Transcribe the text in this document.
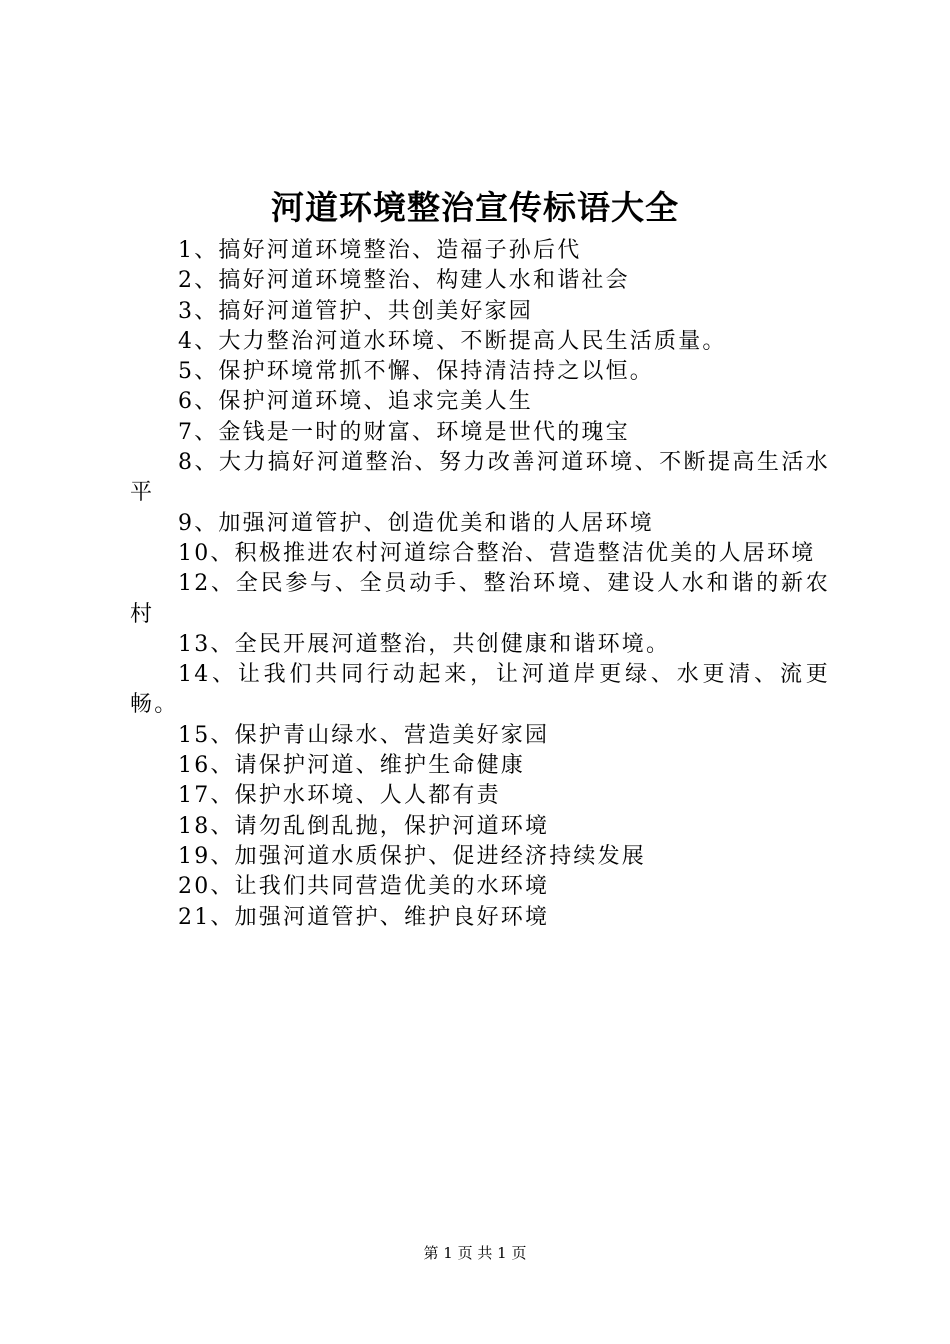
河道环境整治宣传标语大全
1、搞好河道环境整治、造福子孙后代
2、搞好河道环境整治、构建人水和谐社会
3、搞好河道管护、共创美好家园
4、大力整治河道水环境、不断提高人民生活质量。
5、保护环境常抓不懈、保持清洁持之以恒。
6、保护河道环境、追求完美人生
7、金钱是一时的财富、环境是世代的瑰宝
8、大力搞好河道整治、努力改善河道环境、不断提高生活水平
9、加强河道管护、创造优美和谐的人居环境
10、积极推进农村河道综合整治、营造整洁优美的人居环境
12、全民参与、全员动手、整治环境、建设人水和谐的新农村
13、全民开展河道整治，共创健康和谐环境。
14、让我们共同行动起来，让河道岸更绿、水更清、流更畅。
15、保护青山绿水、营造美好家园
16、请保护河道、维护生命健康
17、保护水环境、人人都有责
18、请勿乱倒乱抛，保护河道环境
19、加强河道水质保护、促进经济持续发展
20、让我们共同营造优美的水环境
21、加强河道管护、维护良好环境
第 1 页 共 1 页
